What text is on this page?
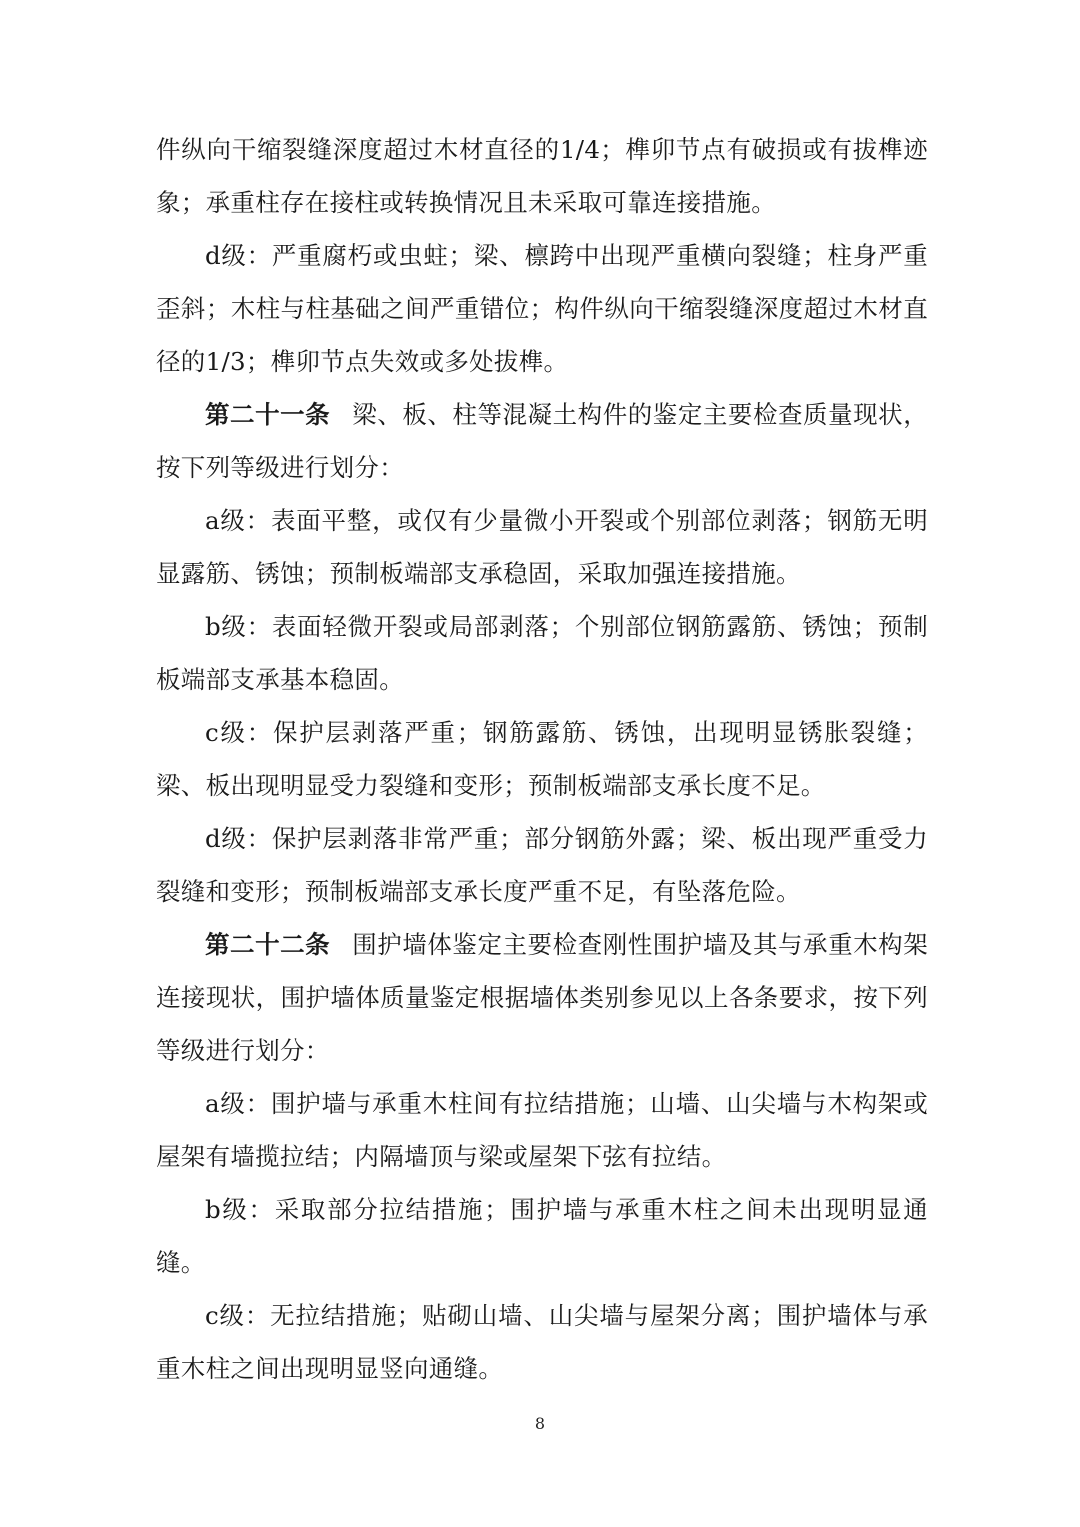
件纵向干缩裂缝深度超过木材直径的1/4；榫卯节点有破损或有拔榫迹象；承重柱存在接柱或转换情况且未采取可靠连接措施。

d级：严重腐朽或虫蛀；梁、檩跨中出现严重横向裂缝；柱身严重歪斜；木柱与柱基础之间严重错位；构件纵向干缩裂缝深度超过木材直径的1/3；榫卯节点失效或多处拔榫。

第二十一条 梁、板、柱等混凝土构件的鉴定主要检查质量现状，按下列等级进行划分：

a级：表面平整，或仅有少量微小开裂或个别部位剥落；钢筋无明显露筋、锈蚀；预制板端部支承稳固，采取加强连接措施。

b级：表面轻微开裂或局部剥落；个别部位钢筋露筋、锈蚀；预制板端部支承基本稳固。

c级：保护层剥落严重；钢筋露筋、锈蚀，出现明显锈胀裂缝；梁、板出现明显受力裂缝和变形；预制板端部支承长度不足。

d级：保护层剥落非常严重；部分钢筋外露；梁、板出现严重受力裂缝和变形；预制板端部支承长度严重不足，有坠落危险。

第二十二条 围护墙体鉴定主要检查刚性围护墙及其与承重木构架连接现状，围护墙体质量鉴定根据墙体类别参见以上各条要求，按下列等级进行划分：

a级：围护墙与承重木柱间有拉结措施；山墙、山尖墙与木构架或屋架有墙揽拉结；内隔墙顶与梁或屋架下弦有拉结。

b级：采取部分拉结措施；围护墙与承重木柱之间未出现明显通缝。

c级：无拉结措施；贴砌山墙、山尖墙与屋架分离；围护墙体与承重木柱之间出现明显竖向通缝。

8
